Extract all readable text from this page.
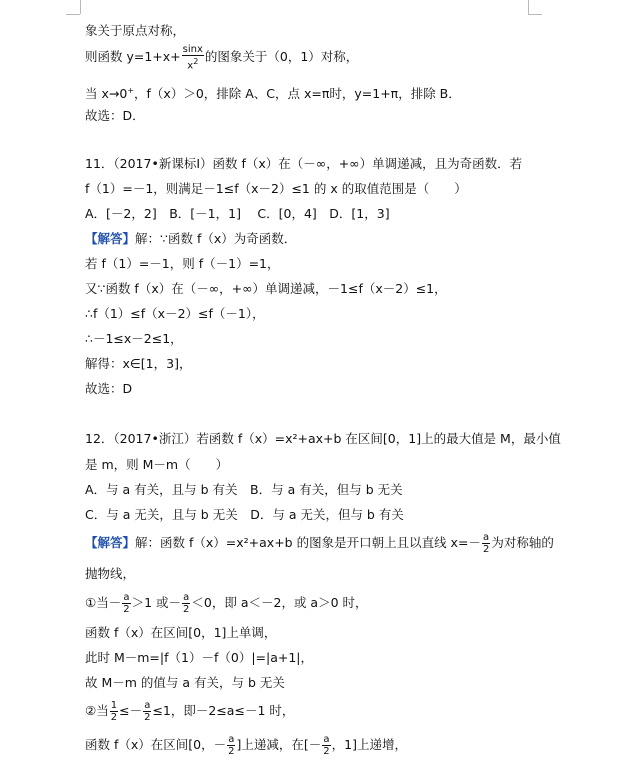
象关于原点对称，
则函数 $y=1+x+ \frac{\sin x}{x^2}$ 的图象关于（0，1）对称，
当 x→0+，f（x）＞0，排除 A、C，点 x=π时，y=1+π，排除 B．
故选：D．
11．（2017•新课标Ⅰ）函数 f（x）在（－∞，+∞）单调递减，且为奇函数．若
f（1）=－1，则满足－1≤f（x－2）≤1 的 x 的取值范围是（　　）
A．[－2，2]　B．[－1，1]　 C．[0，4]　D．[1，3]
【解答】解：∵函数 f（x）为奇函数．
若 f（1）=－1，则 f（－1）=1，
又∵函数 f（x）在（－∞，+∞）单调递减，－1≤f（x－2）≤1，
∴f（1）≤f（x－2）≤f（－1），
∴－1≤x－2≤1，
解得：x∈[1，3]，
故选：D
12．（2017•浙江）若函数 f（x）=x²+ax+b 在区间[0，1]上的最大值是 M，最小值
是 m，则 M－m（　　）
A．与 a 有关，且与 b 有关　B．与 a 有关，但与 b 无关
C．与 a 无关，且与 b 无关　D．与 a 无关，但与 b 有关
【解答】解：函数 f（x）=x²+ax+b 的图象是开口朝上且以直线 $x=- \frac{a}{2}$ 为对称轴的
抛物线，
①当－ $\frac{a}{2} >1$ 或－ $\frac{a}{2} <0$，即 a＜－2，或 a＞0 时，
函数 f（x）在区间[0，1]上单调，
此时 M－m=|f（1）－f（0）|=|a+1|，
故 M－m 的值与 a 有关，与 b 无关
②当 $\frac{1}{2} \le- \frac{a}{2} \le 1$，即－2≤a≤－1 时，
函数 f（x）在区间[0，－ $\frac{a}{2}$ ]上递减，在[－ $\frac{a}{2}$ ，1]上递增，
